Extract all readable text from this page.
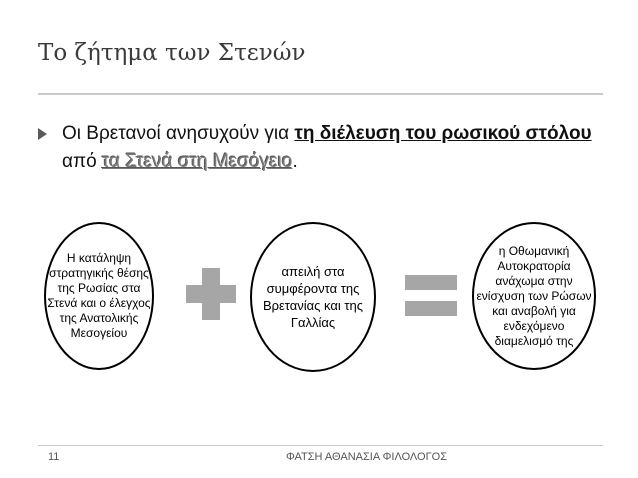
Το ζήτημα των Στενών
Οι Βρετανοί ανησυχούν για τη διέλευση του ρωσικού στόλου από τα Στενά στη Μεσόγειο.
Η κατάληψη στρατηγικής θέσης της Ρωσίας στα Στενά και ο έλεγχος της Ανατολικής Μεσογείου
απειλή στα συμφέροντα της Βρετανίας και της Γαλλίας
η Οθωμανική Αυτοκρατορία ανάχωμα στην ενίσχυση των Ρώσων και αναβολή για ενδεχόμενο διαμελισμό της
11	ΦΑΤΣΗ ΑΘΑΝΑΣΙΑ ΦΙΛΟΛΟΓΟΣ
